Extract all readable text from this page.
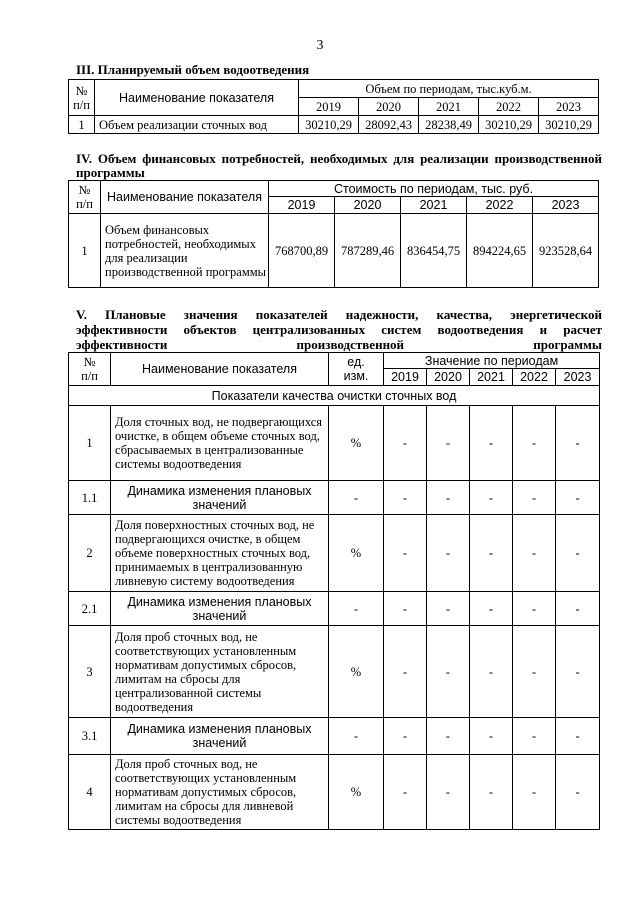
3
III. Планируемый объем водоотведения
№
п/п	Наименование показателя	Объем по периодам, тыс.куб.м.				
		2019	2020	2021	2022	2023
1	Объем реализации сточных вод	30210,29	28092,43	28238,49	30210,29	30210,29
IV. Объем финансовых потребностей, необходимых для реализации производственной программы
№
п/п	Наименование показателя	Стоимость по периодам, тыс. руб.				
		2019	2020	2021	2022	2023
1	Объем финансовых потребностей, необходимых для реализации производственной программы	768700,89	787289,46	836454,75	894224,65	923528,64
V. Плановые значения показателей надежности, качества, энергетической эффективности объектов централизованных систем водоотведения и расчет эффективности производственной программы
№
п/п	Наименование показателя	ед.
изм.	Значение по периодам				
			2019	2020	2021	2022	2023
Показатели качества очистки сточных вод							
1	Доля сточных вод, не подвергающихся очистке, в общем объеме сточных вод, сбрасываемых в централизованные системы водоотведения	%	-	-	-	-	-
1.1	Динамика изменения плановых значений	-	-	-	-	-	-
2	Доля поверхностных сточных вод, не подвергающихся очистке, в общем объеме поверхностных сточных вод, принимаемых в централизованную ливневую систему водоотведения	%	-	-	-	-	-
2.1	Динамика изменения плановых значений	-	-	-	-	-	-
3	Доля проб сточных вод, не соответствующих установленным нормативам допустимых сбросов, лимитам на сбросы для централизованной системы водоотведения	%	-	-	-	-	-
3.1	Динамика изменения плановых значений	-	-	-	-	-	-
4	Доля проб сточных вод, не соответствующих установленным нормативам допустимых сбросов, лимитам на сбросы для ливневой системы водоотведения	%	-	-	-	-	-
